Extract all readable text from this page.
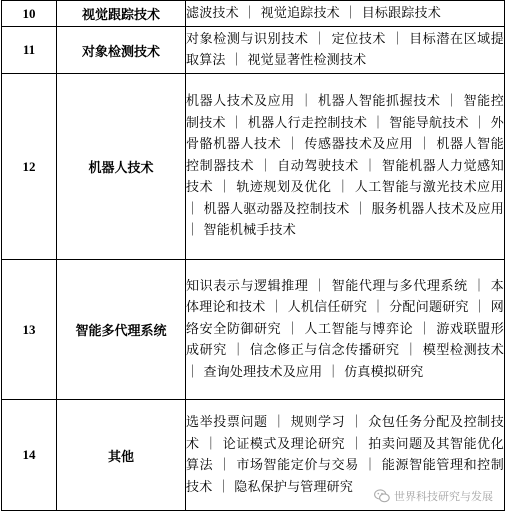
10	视觉跟踪技术	滤波技术 ｜ 视觉追踪技术 ｜ 目标跟踪技术
11	对象检测技术	对象检测与识别技术 ｜ 定位技术 ｜ 目标潜在区域提取算法 ｜ 视觉显著性检测技术
12	机器人技术	机器人技术及应用 ｜ 机器人智能抓握技术 ｜ 智能控制技术 ｜ 机器人行走控制技术 ｜ 智能导航技术 ｜ 外骨骼机器人技术 ｜ 传感器技术及应用 ｜ 机器人智能控制器技术 ｜ 自动驾驶技术 ｜ 智能机器人力觉感知技术 ｜ 轨迹规划及优化 ｜ 人工智能与激光技术应用 ｜ 机器人驱动器及控制技术 ｜ 服务机器人技术及应用 ｜ 智能机械手技术
13	智能多代理系统	知识表示与逻辑推理 ｜ 智能代理与多代理系统 ｜ 本体理论和技术 ｜ 人机信任研究 ｜ 分配问题研究 ｜ 网络安全防御研究 ｜ 人工智能与博弈论 ｜ 游戏联盟形成研究 ｜ 信念修正与信念传播研究 ｜ 模型检测技术 ｜ 查询处理技术及应用 ｜ 仿真模拟研究
14	其他	选举投票问题 ｜ 规则学习 ｜ 众包任务分配及控制技术 ｜ 论证模式及理论研究 ｜ 拍卖问题及其智能优化算法 ｜ 市场智能定价与交易 ｜ 能源智能管理和控制技术 ｜ 隐私保护与管理研究
世界科技研究与发展
